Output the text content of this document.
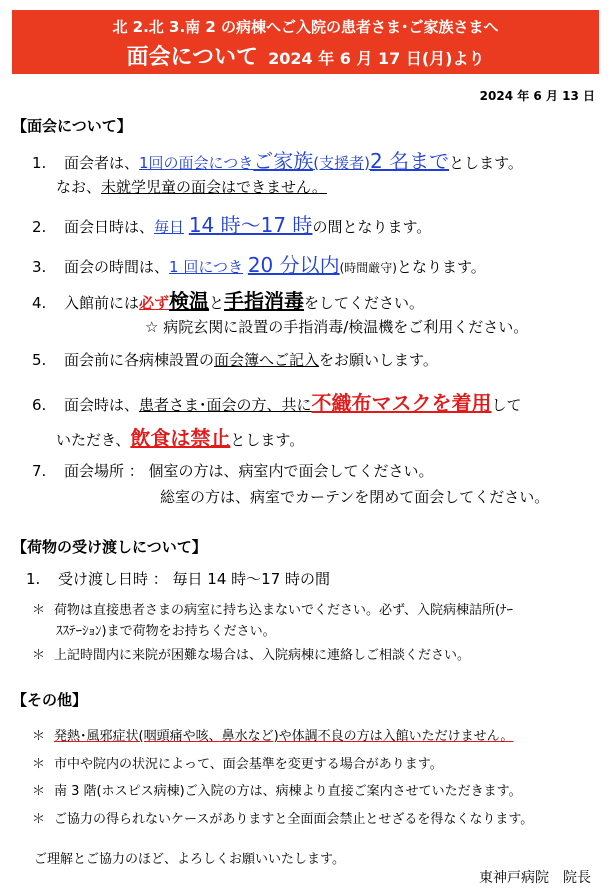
北 2.北 3.南 2 の病棟へご入院の患者さま･ご家族さまへ
面会について 2024 年 6 月 17 日(月)より
2024 年 6 月 13 日
【面会について】
1. 面会者は、1回の面会につきご家族(支援者)2 名までとします。
なお、未就学児童の面会はできません。
2. 面会日時は、毎日 14 時～17 時の間となります。
3. 面会の時間は、1 回につき 20 分以内(時間厳守)となります。
4. 入館前には必ず検温と手指消毒をしてください。
☆ 病院玄関に設置の手指消毒/検温機をご利用ください。
5. 面会前に各病棟設置の面会簿へご記入をお願いします。
6. 面会時は、患者さま･面会の方、共に不織布マスクを着用して
いただき、飲食は禁止とします。
7. 面会場所 ： 個室の方は、病室内で面会してください。
総室の方は、病室でカーテンを閉めて面会してください。
【荷物の受け渡しについて】
1. 受け渡し日時 ： 毎日 14 時～17 時の間
＊ 荷物は直接患者さまの病室に持ち込まないでください。必ず、入院病棟詰所(ﾅｰ
ｽｽﾃｰｼｮﾝ)まで荷物をお持ちください。
＊ 上記時間内に来院が困難な場合は、入院病棟に連絡しご相談ください。
【その他】
＊ 発熱･風邪症状(咽頭痛や咳、鼻水など)や体調不良の方は入館いただけません。
＊ 市中や院内の状況によって、面会基準を変更する場合があります。
＊ 南 3 階(ホスピス病棟)ご入院の方は、病棟より直接ご案内させていただきます。
＊ ご協力の得られないケースがありますと全面面会禁止とせざるを得なくなります。
ご理解とご協力のほど、よろしくお願いいたします。
東神戸病院　院長
